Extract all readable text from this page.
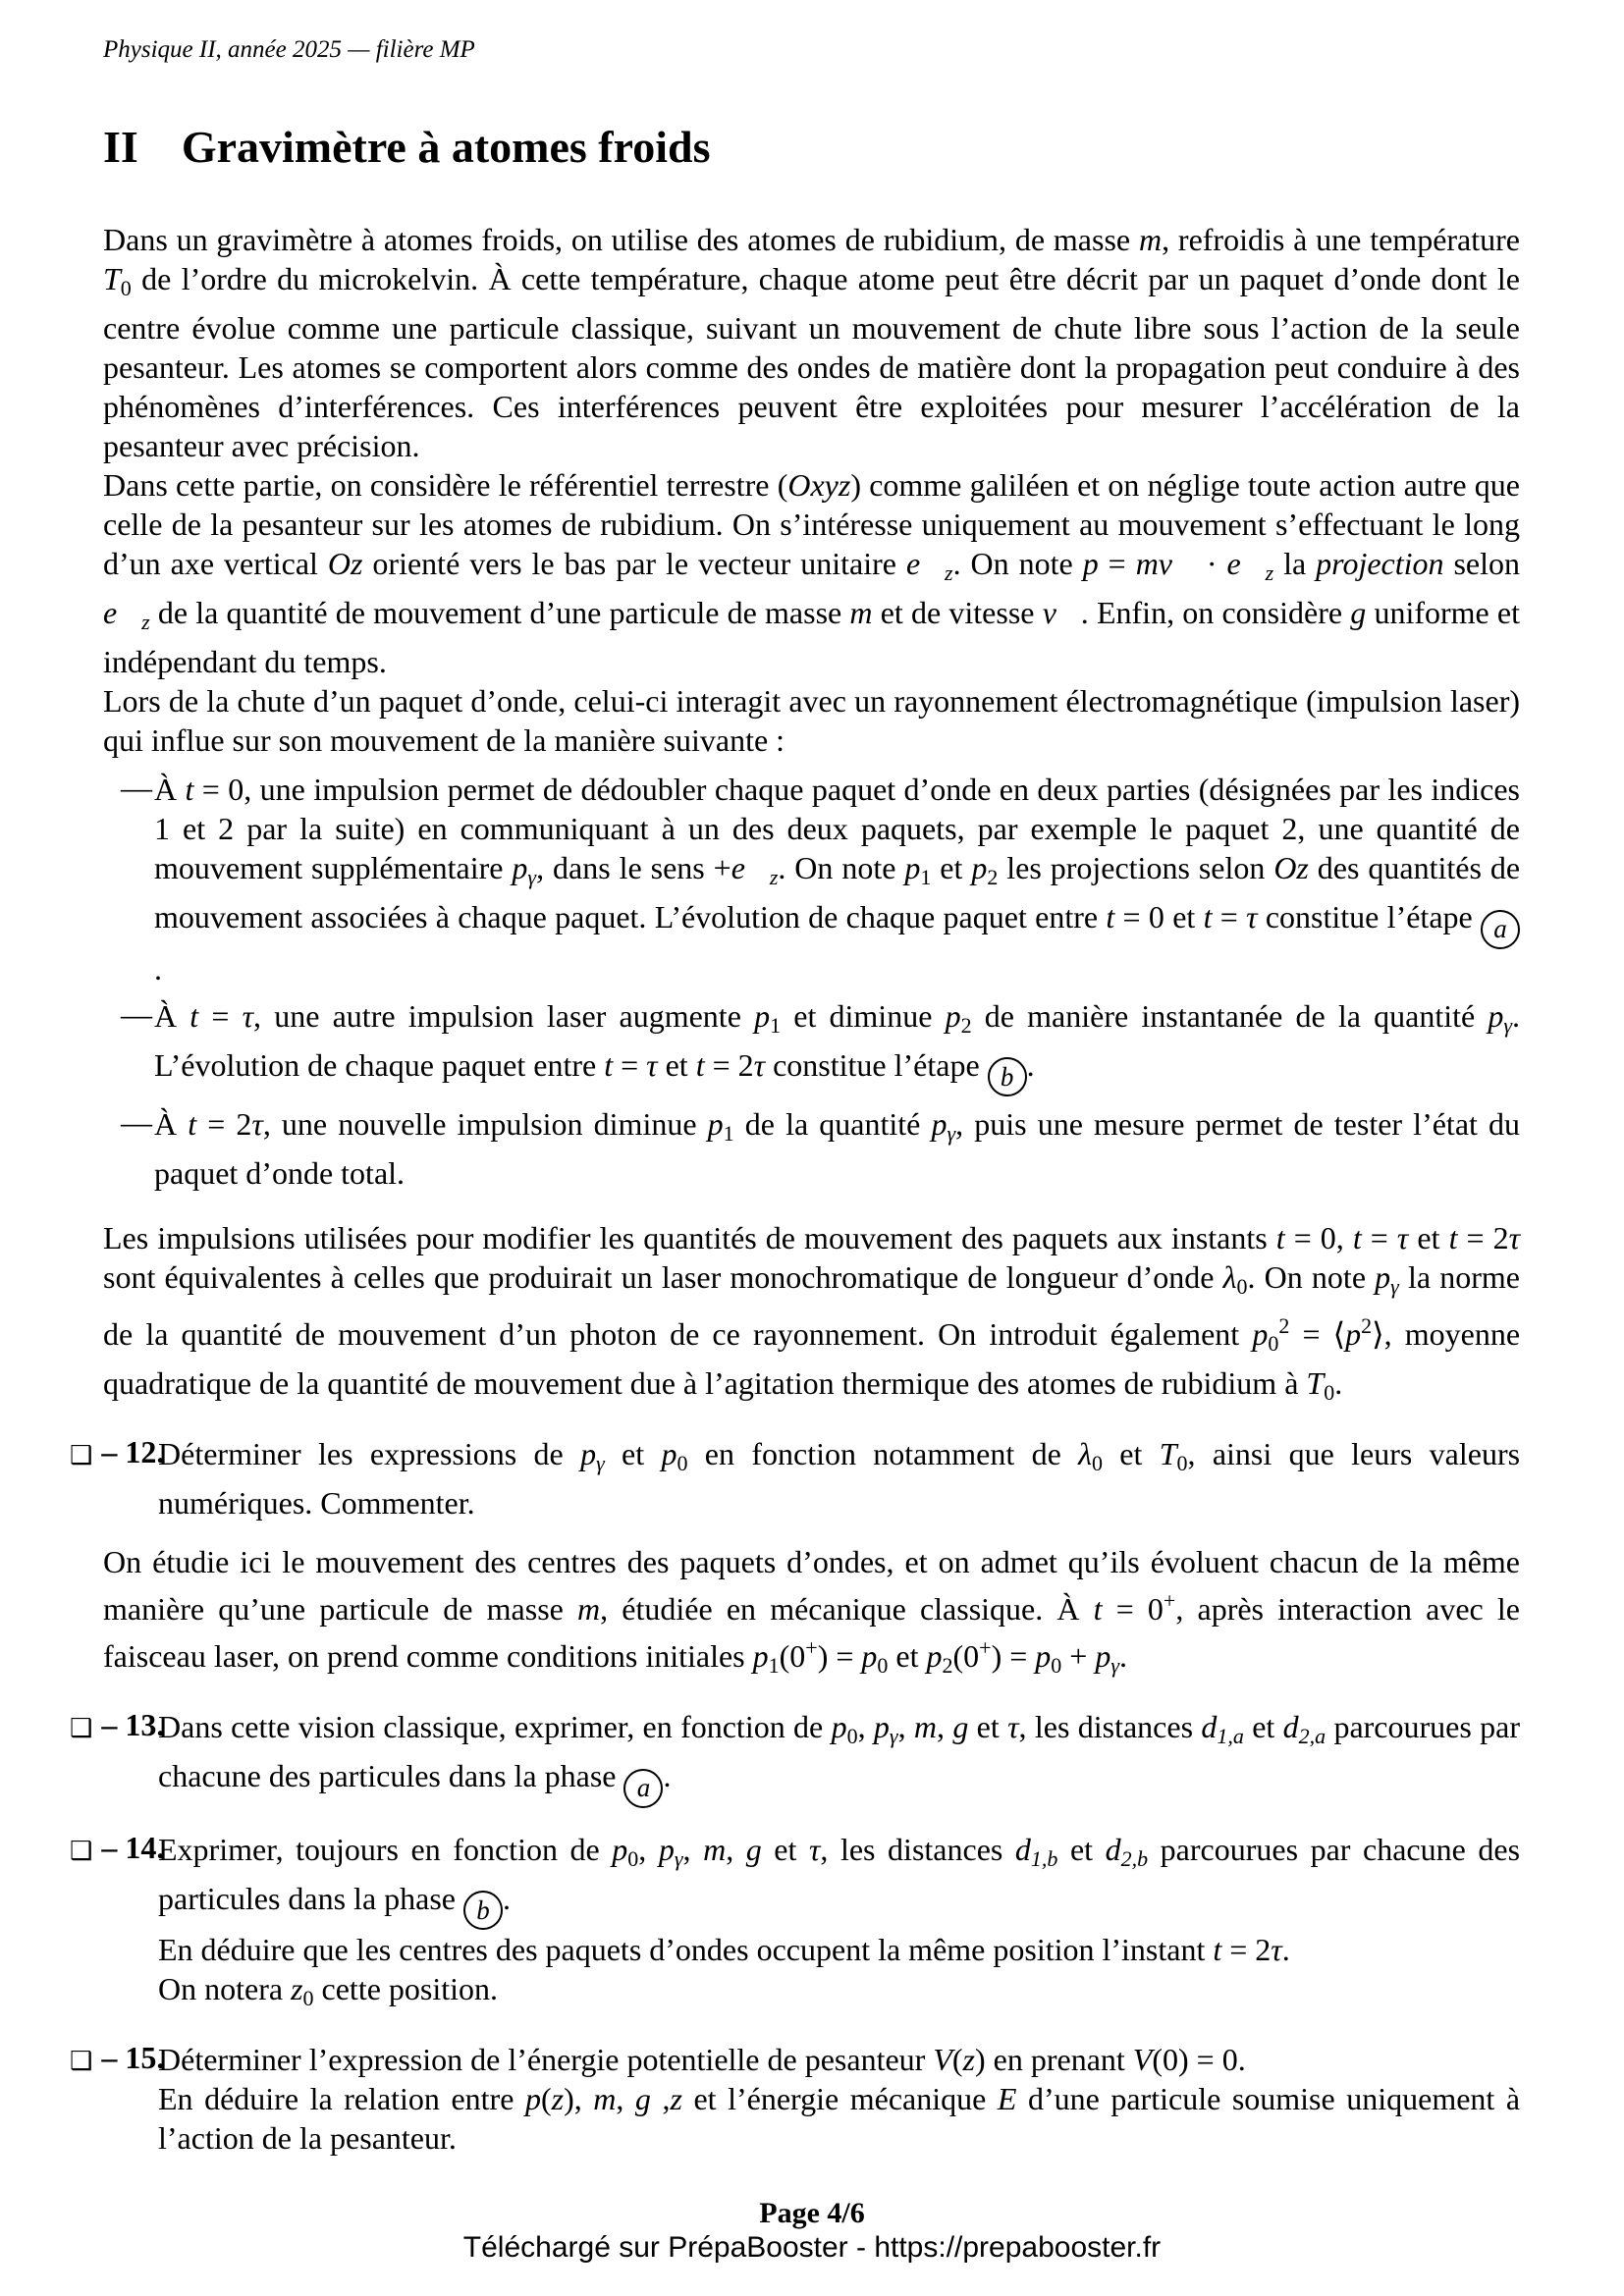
Physique II, année 2025 — filière MP
II Gravimètre à atomes froids

Dans un gravimètre à atomes froids, on utilise des atomes de rubidium, de masse m, refroidis à une température T0 de l’ordre du microkelvin. À cette température, chaque atome peut être décrit par un paquet d’onde dont le centre évolue comme une particule classique, suivant un mouvement de chute libre sous l’action de la seule pesanteur. Les atomes se comportent alors comme des ondes de matière dont la propagation peut conduire à des phénomènes d’interférences. Ces interférences peuvent être exploitées pour mesurer l’accélération de la pesanteur avec précision.

Dans cette partie, on considère le référentiel terrestre (Oxyz) comme galiléen et on néglige toute action autre que celle de la pesanteur sur les atomes de rubidium. On s’intéresse uniquement au mouvement s’effectuant le long d’un axe vertical Oz orienté vers le bas par le vecteur unitaire e⃗z. On note p = mv⃗ · e⃗z la projection selon e⃗z de la quantité de mouvement d’une particule de masse m et de vitesse v⃗. Enfin, on considère g uniforme et indépendant du temps.

Lors de la chute d’un paquet d’onde, celui-ci interagit avec un rayonnement électromagnétique (impulsion laser) qui influe sur son mouvement de la manière suivante :

— À t = 0, une impulsion permet de dédoubler chaque paquet d’onde en deux parties (désignées par les indices 1 et 2 par la suite) en communiquant à un des deux paquets, par exemple le paquet 2, une quantité de mouvement supplémentaire pγ, dans le sens +e⃗z. On note p1 et p2 les projections selon Oz des quantités de mouvement associées à chaque paquet. L’évolution de chaque paquet entre t = 0 et t = τ constitue l’étape a.
— À t = τ, une autre impulsion laser augmente p1 et diminue p2 de manière instantanée de la quantité pγ. L’évolution de chaque paquet entre t = τ et t = 2τ constitue l’étape b .
— À t = 2τ, une nouvelle impulsion diminue p1 de la quantité pγ, puis une mesure permet de tester l’état du paquet d’onde total.

Les impulsions utilisées pour modifier les quantités de mouvement des paquets aux instants t = 0, t = τ et t = 2τ sont équivalentes à celles que produirait un laser monochromatique de longueur d’onde λ0. On note pγ la norme de la quantité de mouvement d’un photon de ce rayonnement. On introduit également $p0^2$ = $⟨p^2⟩$, moyenne quadratique de la quantité de mouvement due à l’agitation thermique des atomes de rubidium à T0.

❑ – 12.
Déterminer les expressions de pγ et p0 en fonction notamment de λ0 et T0, ainsi que leurs valeurs numériques. Commenter.

On étudie ici le mouvement des centres des paquets d’ondes, et on admet qu’ils évoluent chacun de la même manière qu’une particule de masse m, étudiée en mécanique classique. À t = 0+, après interaction avec le faisceau laser, on prend comme conditions initiales p1(0+) = p0 et p2(0+) = p0 + pγ.

❑ – 13.
Dans cette vision classique, exprimer, en fonction de p0, pγ, m, g et τ, les distances d1,a et d2,a parcourues par chacune des particules dans la phase a .
❑ – 14.
Exprimer, toujours en fonction de p0, pγ, m, g et τ, les distances d1,b et d2,b parcourues par chacune des particules dans la phase b .
En déduire que les centres des paquets d’ondes occupent la même position l’instant t = 2τ.
On notera z0 cette position.
❑ – 15.
Déterminer l’expression de l’énergie potentielle de pesanteur V(z) en prenant V(0) = 0.
En déduire la relation entre p(z), m, g ,z et l’énergie mécanique E d’une particule soumise uniquement à l’action de la pesanteur.
Page 4/6
Téléchargé sur PrépaBooster - https://prepabooster.fr
